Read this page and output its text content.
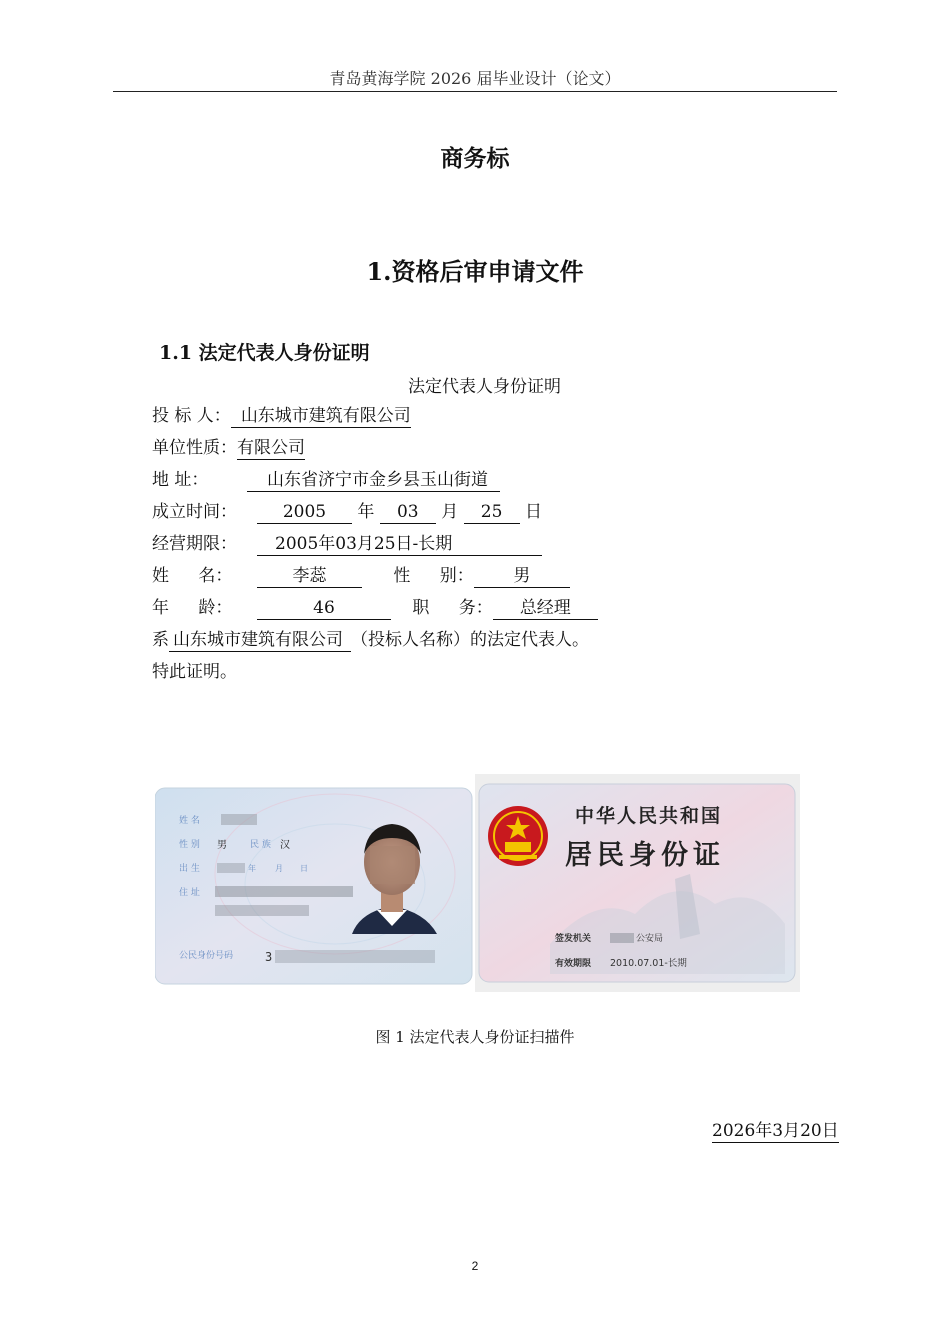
青岛黄海学院 2026 届毕业设计（论文）
商务标
1.资格后审申请文件
1.1 法定代表人身份证明
法定代表人身份证明
投 标 人： 山东城市建筑有限公司
单位性质：有限公司
地 址：	山东省济宁市金乡县玉山街道
成立时间：	2005 年 03 月 25 日
经营期限： 2005年03月25日-长期
姓 名：	李蕊	性 别： 男
年 龄：	46	职 务： 总经理
系 山东城市建筑有限公司 （投标人名称）的法定代表人。
特此证明。
姓 名
性 别 男	民 族 汉
出 生	年 月 日
住 址
公民身份号码	3
中华人民共和国
居民身份证
签发机关	公安局
有效期限 2010.07.01-长期
图 1 法定代表人身份证扫描件
2026年3月20日
2
